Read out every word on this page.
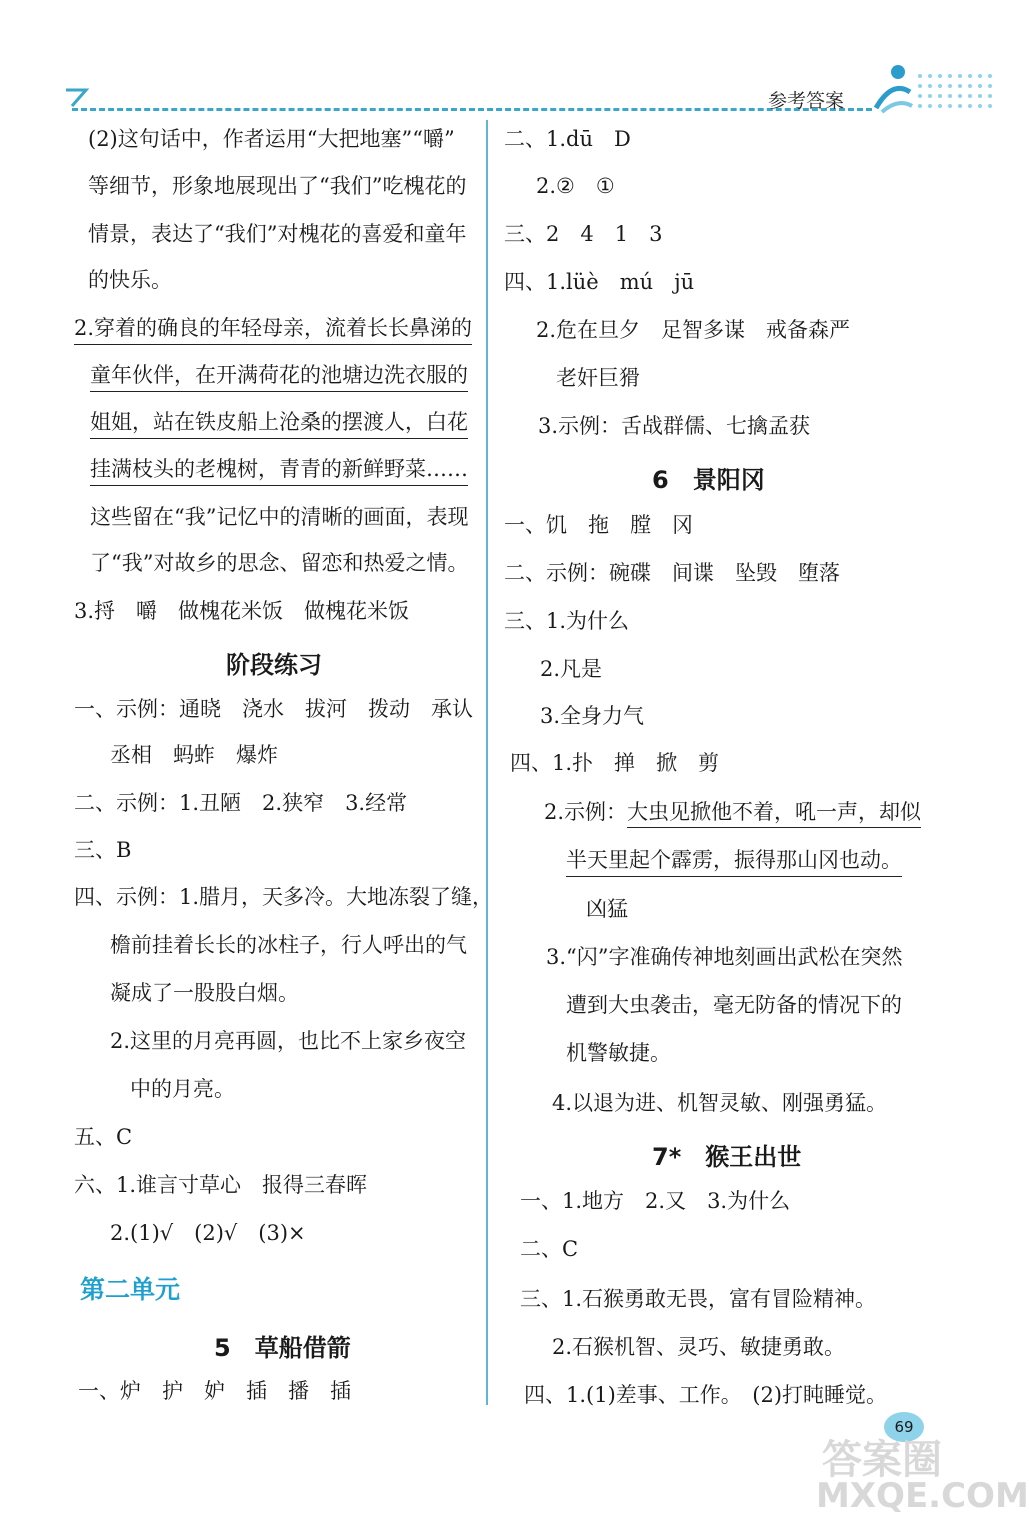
参考答案
(2)这句话中，作者运用“大把地塞”“嚼”
等细节，形象地展现出了“我们”吃槐花的
情景，表达了“我们”对槐花的喜爱和童年
的快乐。
2.穿着的确良的年轻母亲，流着长长鼻涕的
童年伙伴，在开满荷花的池塘边洗衣服的
姐姐，站在铁皮船上沧桑的摆渡人，白花
挂满枝头的老槐树，青青的新鲜野菜……
这些留在“我”记忆中的清晰的画面，表现
了“我”对故乡的思念、留恋和热爱之情。
3.捋　嚼　做槐花米饭　做槐花米饭
阶段练习
一、示例：通晓　浇水　拔河　拨动　承认
丞相　蚂蚱　爆炸
二、示例：1.丑陋　2.狭窄　3.经常
三、B
四、示例：1.腊月，天多冷。大地冻裂了缝，
檐前挂着长长的冰柱子，行人呼出的气
凝成了一股股白烟。
2.这里的月亮再圆，也比不上家乡夜空
中的月亮。
五、C
六、1.谁言寸草心　报得三春晖
2.(1)√　(2)√　(3)×
第二单元
5　草船借箭
一、炉　护　妒　插　播　插
二、1.dū　D
2.②　①
三、2　4　1　3
四、1.lüè　mú　jū
2.危在旦夕　足智多谋　戒备森严
老奸巨猾
3.示例：舌战群儒、七擒孟获
6　景阳冈
一、饥　拖　膛　冈
二、示例：碗碟　间谍　坠毁　堕落
三、1.为什么
2.凡是
3.全身力气
四、1.扑　掸　掀　剪
2.示例：大虫见掀他不着，吼一声，却似
半天里起个霹雳，振得那山冈也动。
凶猛
3.“闪”字准确传神地刻画出武松在突然
遭到大虫袭击，毫无防备的情况下的
机警敏捷。
4.以退为进、机智灵敏、刚强勇猛。
7*　猴王出世
一、1.地方　2.又　3.为什么
二、C
三、1.石猴勇敢无畏，富有冒险精神。
2.石猴机智、灵巧、敏捷勇敢。
四、1.(1)差事、工作。　(2)打盹睡觉。
69
答案圈
MXQE.COM
